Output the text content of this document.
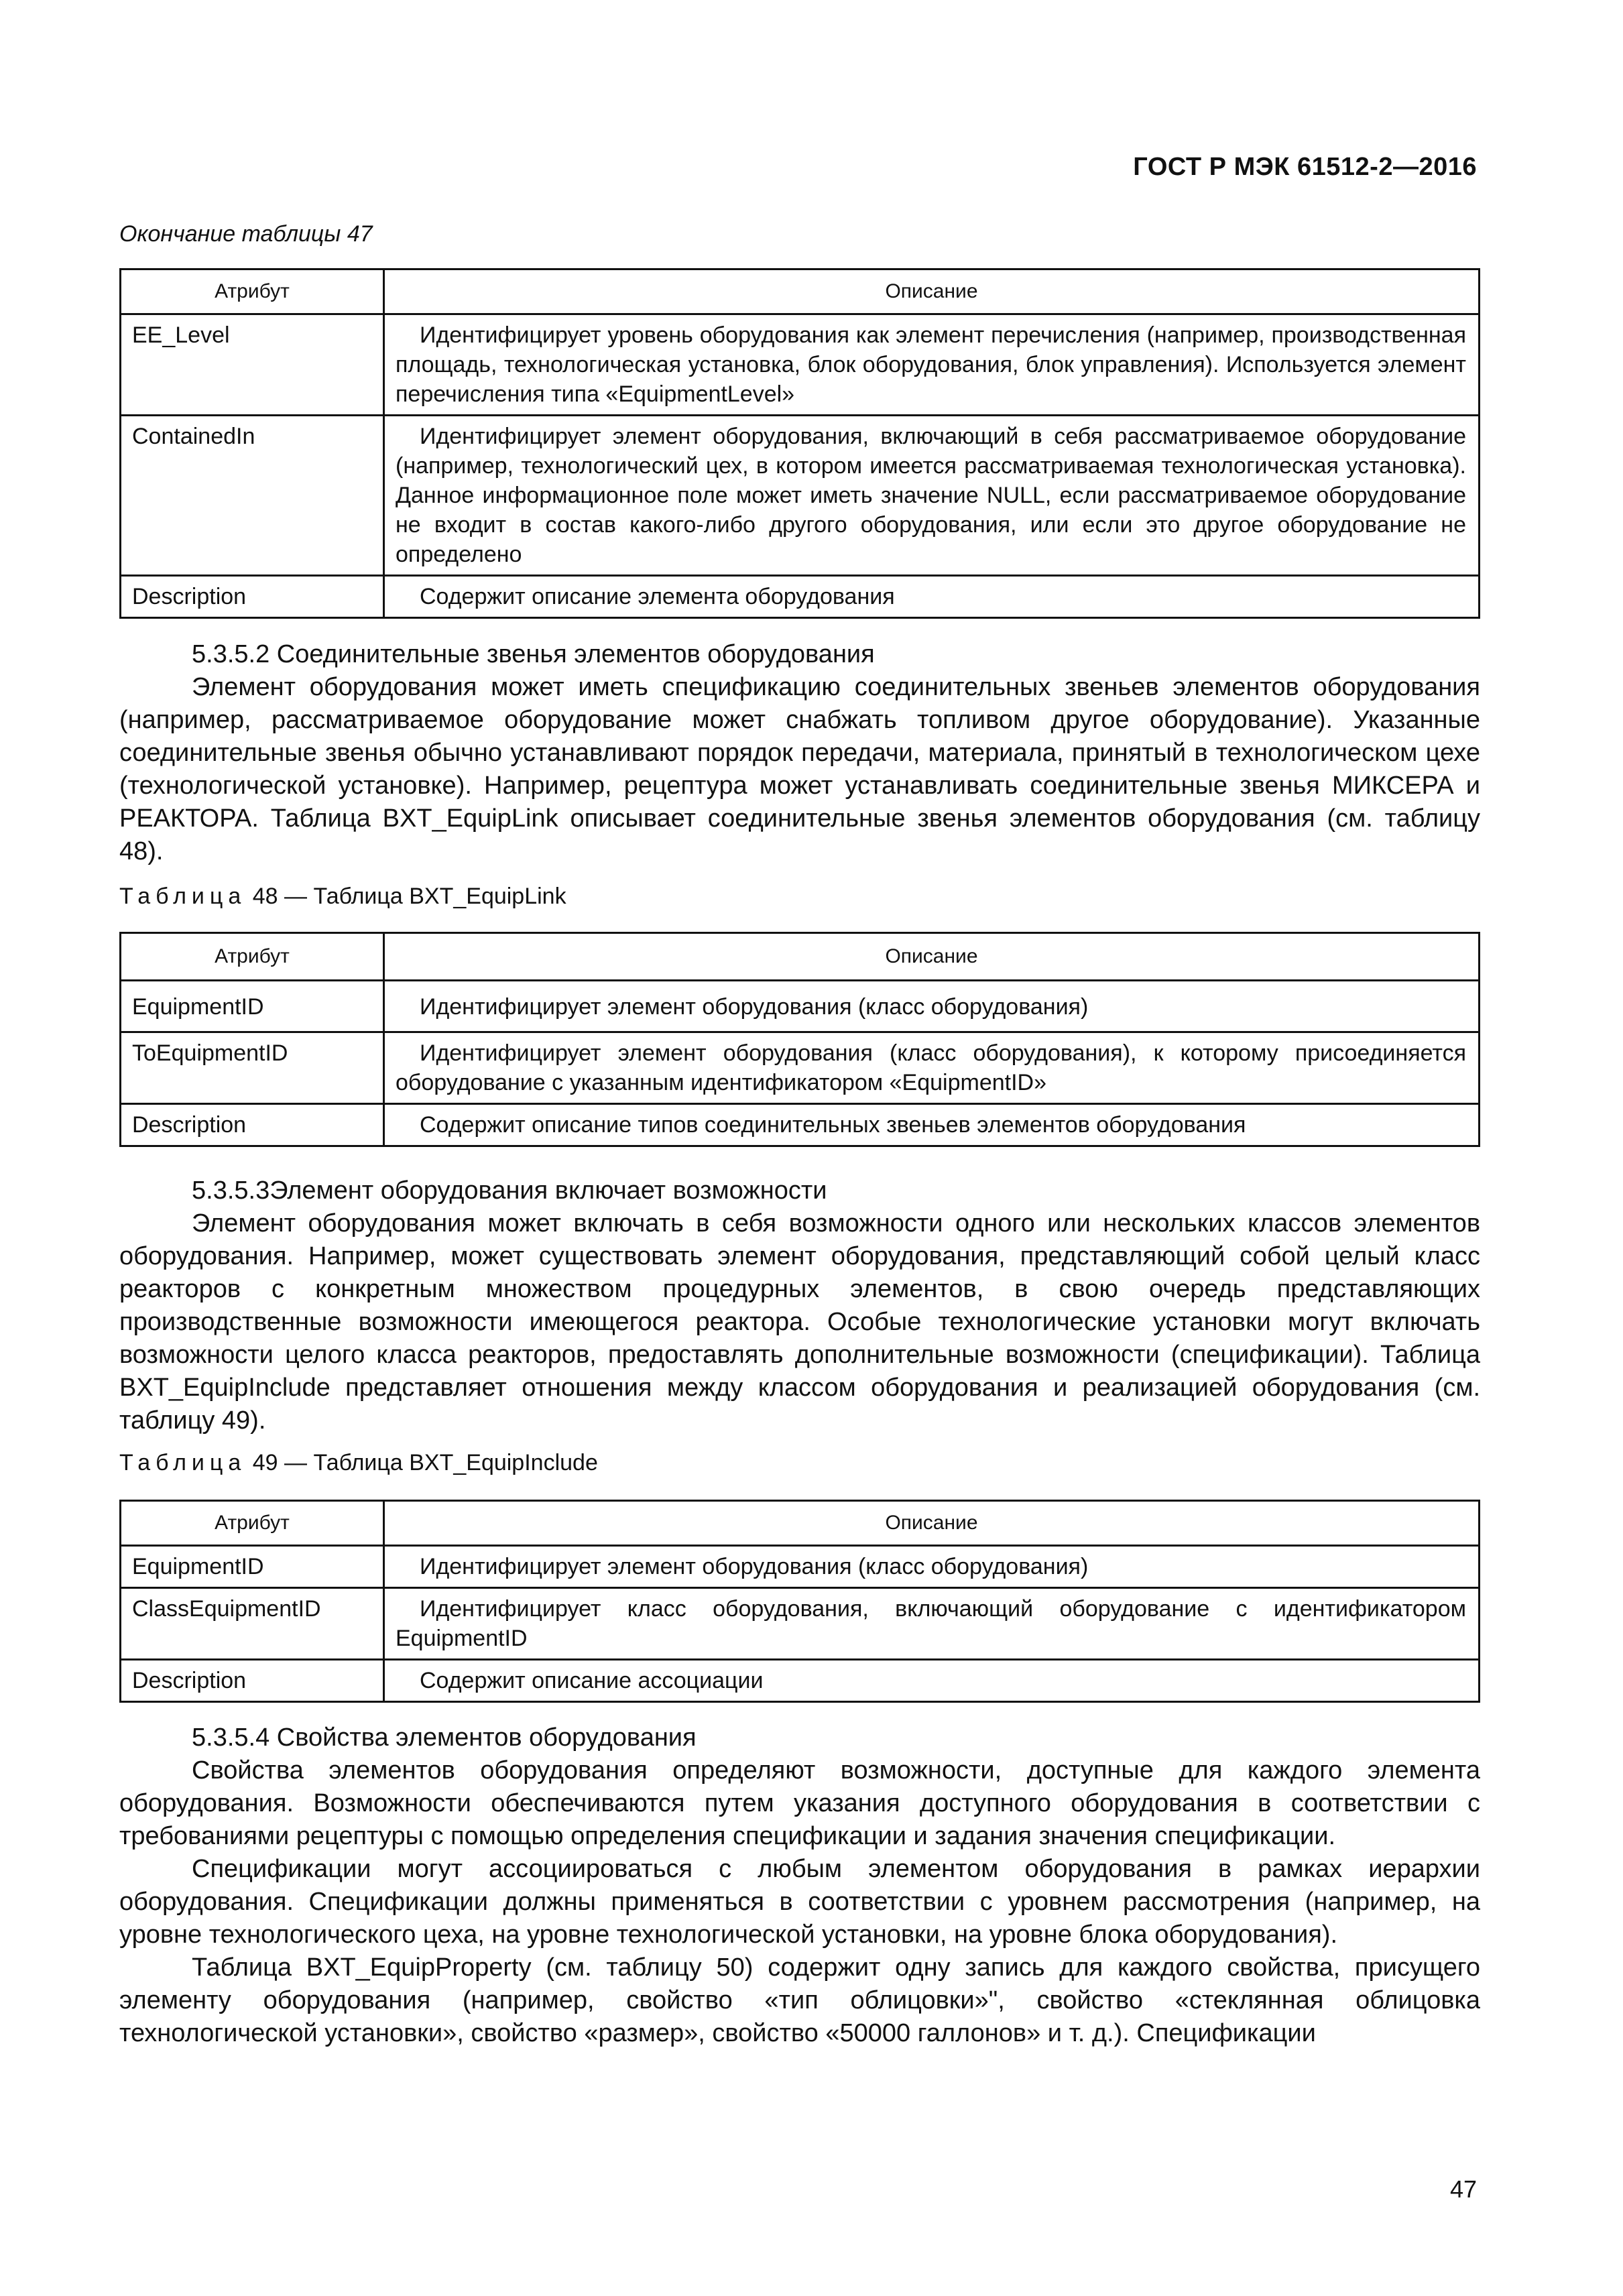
ГОСТ Р МЭК 61512-2—2016
Окончание таблицы 47
Атрибут	Описание
EE_Level	Идентифицирует уровень оборудования как элемент перечисления (например, производственная площадь, технологическая установка, блок оборудования, блок управления). Используется элемент перечисления типа «EquipmentLevel»

ContainedIn	Идентифицирует элемент оборудования, включающий в себя рассматриваемое оборудование (например, технологический цех, в котором имеется рассматриваемая технологическая установка). Данное информационное поле может иметь значение NULL, если рассматриваемое оборудование не входит в состав какого-либо другого оборудования, или если это другое оборудование не определено

Description	Содержит описание элемента оборудования

5.3.5.2 Соединительные звенья элементов оборудования

Элемент оборудования может иметь спецификацию соединительных звеньев элементов оборудования (например, рассматриваемое оборудование может снабжать топливом другое оборудование). Указанные соединительные звенья обычно устанавливают порядок передачи, материала, принятый в технологическом цехе (технологической установке). Например, рецептура может устанавливать соединительные звенья МИКСЕРА и РЕАКТОРА. Таблица BXT_EquipLink описывает соединительные звенья элементов оборудования (см. таблицу 48).

Таблица 48 — Таблица BXT_EquipLink
Атрибут	Описание
EquipmentID	Идентифицирует элемент оборудования (класс оборудования)

ToEquipmentID	Идентифицирует элемент оборудования (класс оборудования), к которому присоединяется оборудование с указанным идентификатором «EquipmentID»

Description	Содержит описание типов соединительных звеньев элементов оборудования

5.3.5.3Элемент оборудования включает возможности

Элемент оборудования может включать в себя возможности одного или нескольких классов элементов оборудования. Например, может существовать элемент оборудования, представляющий собой целый класс реакторов с конкретным множеством процедурных элементов, в свою очередь представляющих производственные возможности имеющегося реактора. Особые технологические установки могут включать возможности целого класса реакторов, предоставлять дополнительные возможности (спецификации). Таблица BXT_EquipInclude представляет отношения между классом оборудования и реализацией оборудования (см. таблицу 49).

Таблица 49 — Таблица BXT_EquipInclude
Атрибут	Описание
EquipmentID	Идентифицирует элемент оборудования (класс оборудования)

ClassEquipmentID	Идентифицирует класс оборудования, включающий оборудование с идентификатором EquipmentID

Description	Содержит описание ассоциации

5.3.5.4 Свойства элементов оборудования

Свойства элементов оборудования определяют возможности, доступные для каждого элемента оборудования. Возможности обеспечиваются путем указания доступного оборудования в соответствии с требованиями рецептуры с помощью определения спецификации и задания значения спецификации.

Спецификации могут ассоциироваться с любым элементом оборудования в рамках иерархии оборудования. Спецификации должны применяться в соответствии с уровнем рассмотрения (например, на уровне технологического цеха, на уровне технологической установки, на уровне блока оборудования).

Таблица BXT_EquipProperty (см. таблицу 50) содержит одну запись для каждого свойства, присущего элементу оборудования (например, свойство «тип облицовки»", свойство «стеклянная облицовка технологической установки», свойство «размер», свойство «50000 галлонов» и т. д.). Спецификации

47
